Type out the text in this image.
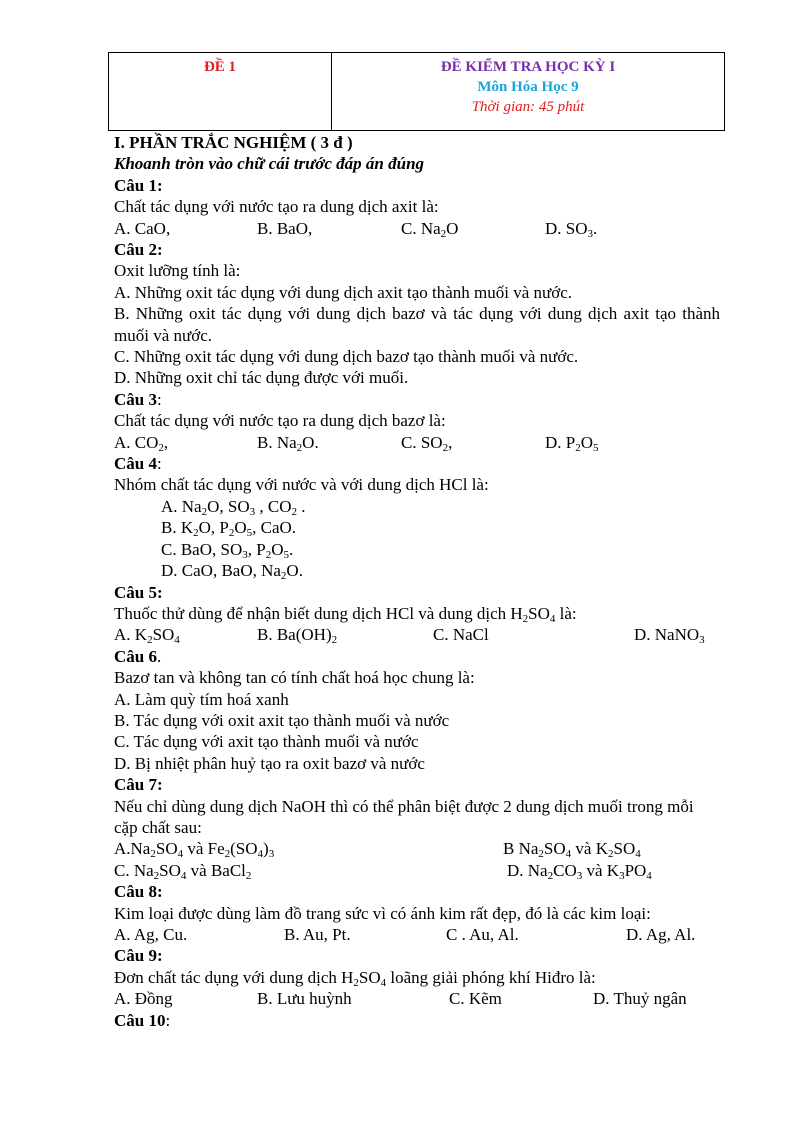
ĐỀ 1	ĐỀ KIỂM TRA HỌC KỲ I
Môn Hóa Học 9
Thời gian: 45 phút
I. PHẦN TRẮC NGHIỆM ( 3 đ )
Khoanh tròn vào chữ cái trước đáp án đúng
Câu 1:
Chất tác dụng với nước tạo ra dung dịch axit là:
A. CaO,	B. BaO,	C. $Na_2O$	D. $SO_3$.
Câu 2:
Oxit lưỡng tính là:
A. Những oxit tác dụng với dung dịch axit tạo thành muối và nước.
B. Những oxit tác dụng với dung dịch bazơ và tác dụng với dung dịch axit tạo thành muối và nước.
C. Những oxit tác dụng với dung dịch bazơ tạo thành muối và nước.
D. Những oxit chỉ tác dụng được với muối.
Câu 3:
Chất tác dụng với nước tạo ra dung dịch bazơ là:
A. $CO_2$,	B. $Na_2O$.	C. $SO_2$,	D. $P_2O_5$
Câu 4:
Nhóm chất tác dụng với nước và với dung dịch HCl là:
A. $Na_2O$, $SO_3$ , $CO_2$ .
B. $K_2O$, $P_2O_5$, CaO.
C. BaO, $SO_3$, $P_2O_5$.
D. CaO, BaO, $Na_2O$.
Câu 5:
Thuốc thử dùng để nhận biết dung dịch HCl và dung dịch $H_2SO_4$ là:
A. $K_2SO_4$	B. $Ba(OH)_2$	C. NaCl	D. NaNO$_3$
Câu 6.
Bazơ tan và không tan có tính chất hoá học chung là:
A. Làm quỳ tím hoá xanh
B. Tác dụng với oxit axit tạo thành muối và nước
C. Tác dụng với axit tạo thành muối và nước
D. Bị nhiệt phân huỷ tạo ra oxit bazơ và nước
Câu 7:
Nếu chỉ dùng dung dịch NaOH thì có thể phân biệt được 2 dung dịch muối trong mỗi cặp chất sau:
$A.Na_2SO_4$ và $Fe_2(SO_4)_3$	B $Na_2SO_4$ và $K_2SO_4$
C. $Na_2SO_4$ và BaCl$_2$	D. $Na_2CO_3$ và $K_3PO_4$
Câu 8:
Kim loại được dùng làm đồ trang sức vì có ánh kim rất đẹp, đó là các kim loại:
A. Ag, Cu.	B. Au, Pt.	C . Au, Al.	D. Ag, Al.
Câu 9:
Đơn chất tác dụng với dung dịch $H_2SO_4$ loãng giải phóng khí Hiđro là:
A. Đồng	B. Lưu huỳnh	C. Kẽm	D. Thuỷ ngân
Câu 10:
